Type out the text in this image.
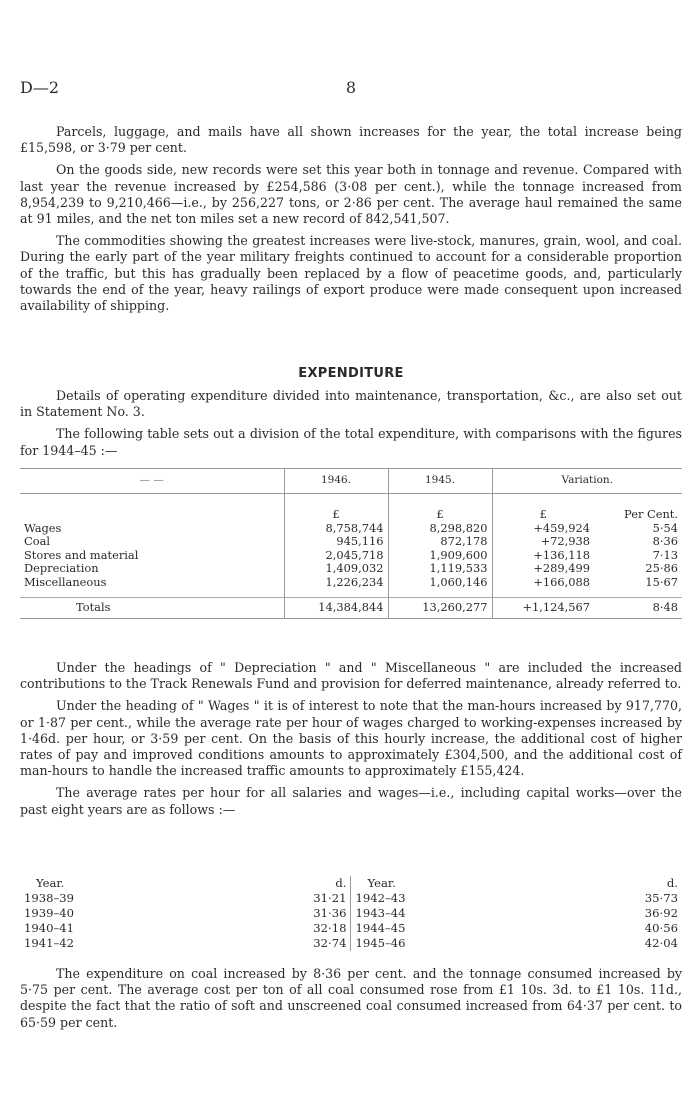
D—2	8

Parcels, luggage, and mails have all shown increases for the year, the total increase being £15,598, or 3·79 per cent.

On the goods side, new records were set this year both in tonnage and revenue. Compared with last year the revenue increased by £254,586 (3·08 per cent.), while the tonnage increased from 8,954,239 to 9,210,466—i.e., by 256,227 tons, or 2·86 per cent. The average haul remained the same at 91 miles, and the net ton miles set a new record of 842,541,507.

The commodities showing the greatest increases were live-stock, manures, grain, wool, and coal. During the early part of the year military freights continued to account for a considerable proportion of the traffic, but this has gradually been replaced by a flow of peacetime goods, and, particularly towards the end of the year, heavy railings of export produce were made consequent upon increased availability of shipping.

EXPENDITURE

Details of operating expenditure divided into maintenance, transportation, &c., are also set out in Statement No. 3.

The following table sets out a division of the total expenditure, with comparisons with the figures for 1944–45 :—

— —	1946.	1945.	Variation.	
	£	£	£	Per Cent.
Wages	8,758,744	8,298,820	+459,924	5·54
Coal	945,116	872,178	+72,938	8·36
Stores and material	2,045,718	1,909,600	+136,118	7·13
Depreciation	1,409,032	1,119,533	+289,499	25·86
Miscellaneous	1,226,234	1,060,146	+166,088	15·67
Totals	14,384,844	13,260,277	+1,124,567	8·48

Under the headings of " Depreciation " and " Miscellaneous " are included the increased contributions to the Track Renewals Fund and provision for deferred maintenance, already referred to.

Under the heading of " Wages " it is of interest to note that the man-hours increased by 917,770, or 1·87 per cent., while the average rate per hour of wages charged to working-expenses increased by 1·46d. per hour, or 3·59 per cent. On the basis of this hourly increase, the additional cost of higher rates of pay and improved conditions amounts to approximately £304,500, and the additional cost of man-hours to handle the increased traffic amounts to approximately £155,424.

The average rates per hour for all salaries and wages—i.e., including capital works—over the past eight years are as follows :—

Year.		d.	Year.		d.
1938–39		31·21	1942–43		35·73
1939–40		31·36	1943–44		36·92
1940–41		32·18	1944–45		40·56
1941–42		32·74	1945–46		42·04

The expenditure on coal increased by 8·36 per cent. and the tonnage consumed increased by 5·75 per cent. The average cost per ton of all coal consumed rose from £1 10s. 3d. to £1 10s. 11d., despite the fact that the ratio of soft and unscreened coal consumed increased from 64·37 per cent. to 65·59 per cent.
